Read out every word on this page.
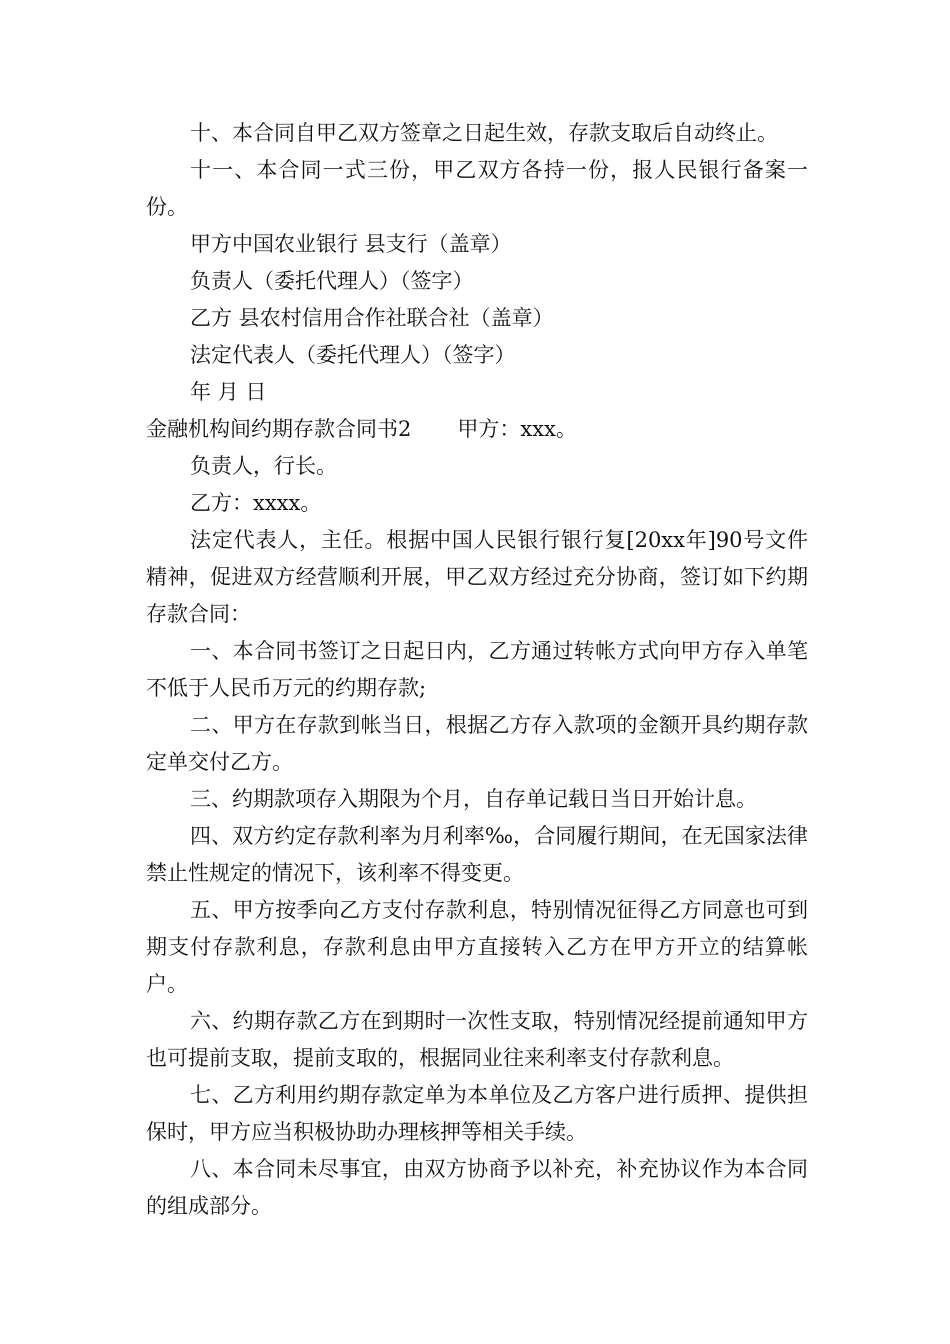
十、本合同自甲乙双方签章之日起生效，存款支取后自动终止。

十一、本合同一式三份，甲乙双方各持一份，报人民银行备案一份。

甲方中国农业银行 县支行（盖章）

负责人（委托代理人）（签字）

乙方 县农村信用合作社联合社（盖章）

法定代表人（委托代理人）（签字）

年 月 日

金融机构间约期存款合同书2 甲方：xxx。

负责人，行长。

乙方：xxxx。

法定代表人，主任。根据中国人民银行银行复[20xx年]90号文件精神，促进双方经营顺利开展，甲乙双方经过充分协商，签订如下约期存款合同：

一、本合同书签订之日起日内，乙方通过转帐方式向甲方存入单笔不低于人民币万元的约期存款;

二、甲方在存款到帐当日，根据乙方存入款项的金额开具约期存款定单交付乙方。

三、约期款项存入期限为个月，自存单记载日当日开始计息。

四、双方约定存款利率为月利率‰，合同履行期间，在无国家法律禁止性规定的情况下，该利率不得变更。

五、甲方按季向乙方支付存款利息，特别情况征得乙方同意也可到期支付存款利息，存款利息由甲方直接转入乙方在甲方开立的结算帐户。

六、约期存款乙方在到期时一次性支取，特别情况经提前通知甲方也可提前支取，提前支取的，根据同业往来利率支付存款利息。

七、乙方利用约期存款定单为本单位及乙方客户进行质押、提供担保时，甲方应当积极协助办理核押等相关手续。

八、本合同未尽事宜，由双方协商予以补充，补充协议作为本合同的组成部分。
